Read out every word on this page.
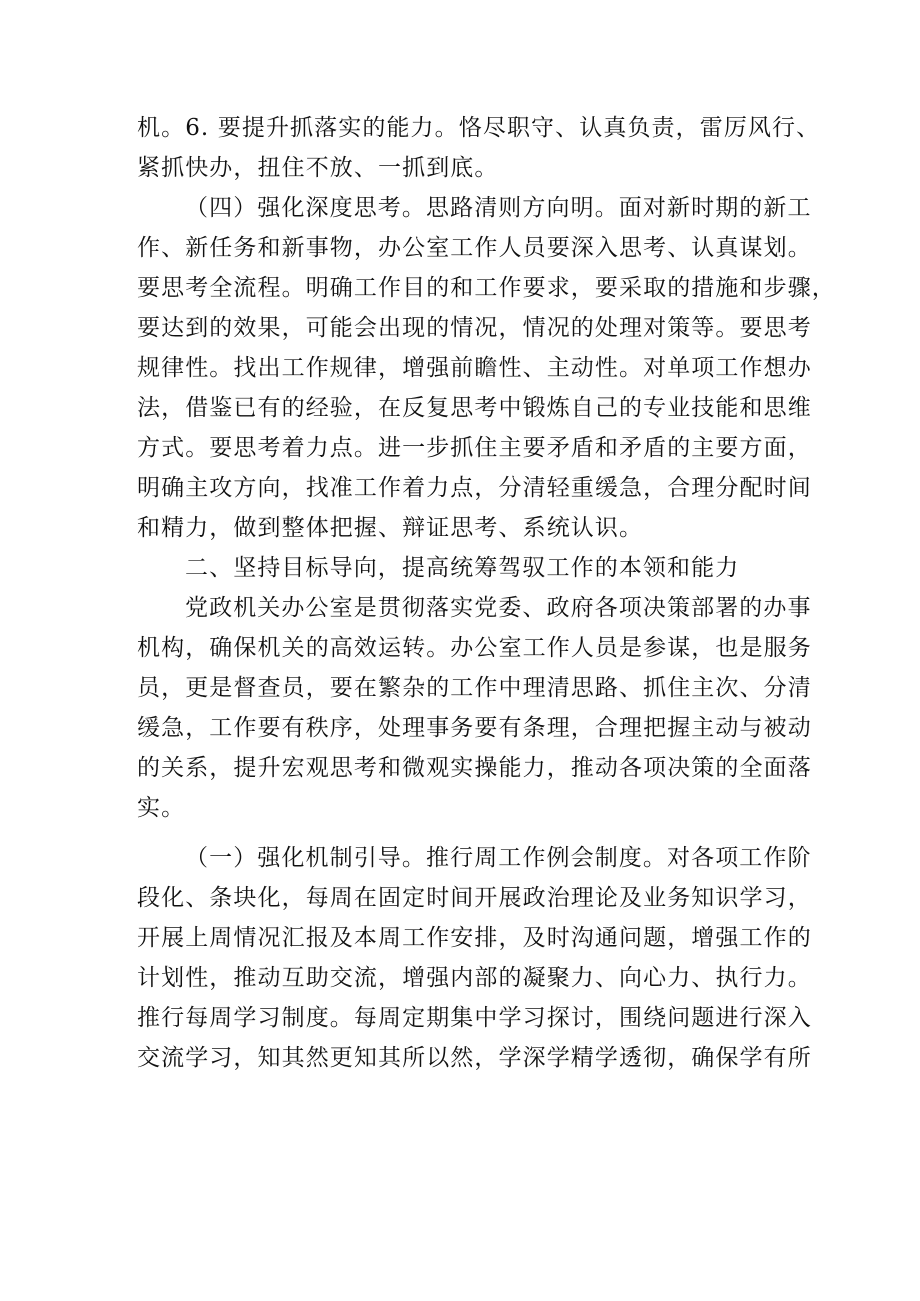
机。6. 要提升抓落实的能力。恪尽职守、认真负责，雷厉风行、
紧抓快办，扭住不放、一抓到底。
（四）强化深度思考。思路清则方向明。面对新时期的新工
作、新任务和新事物，办公室工作人员要深入思考、认真谋划。
要思考全流程。明确工作目的和工作要求，要采取的措施和步骤，
要达到的效果，可能会出现的情况，情况的处理对策等。要思考
规律性。找出工作规律，增强前瞻性、主动性。对单项工作想办
法，借鉴已有的经验，在反复思考中锻炼自己的专业技能和思维
方式。要思考着力点。进一步抓住主要矛盾和矛盾的主要方面，
明确主攻方向，找准工作着力点，分清轻重缓急，合理分配时间
和精力，做到整体把握、辩证思考、系统认识。
二、坚持目标导向，提高统筹驾驭工作的本领和能力
党政机关办公室是贯彻落实党委、政府各项决策部署的办事
机构，确保机关的高效运转。办公室工作人员是参谋，也是服务
员，更是督查员，要在繁杂的工作中理清思路、抓住主次、分清
缓急，工作要有秩序，处理事务要有条理，合理把握主动与被动
的关系，提升宏观思考和微观实操能力，推动各项决策的全面落
实。
（一）强化机制引导。推行周工作例会制度。对各项工作阶
段化、条块化，每周在固定时间开展政治理论及业务知识学习，
开展上周情况汇报及本周工作安排，及时沟通问题，增强工作的
计划性，推动互助交流，增强内部的凝聚力、向心力、执行力。
推行每周学习制度。每周定期集中学习探讨，围绕问题进行深入
交流学习，知其然更知其所以然，学深学精学透彻，确保学有所
